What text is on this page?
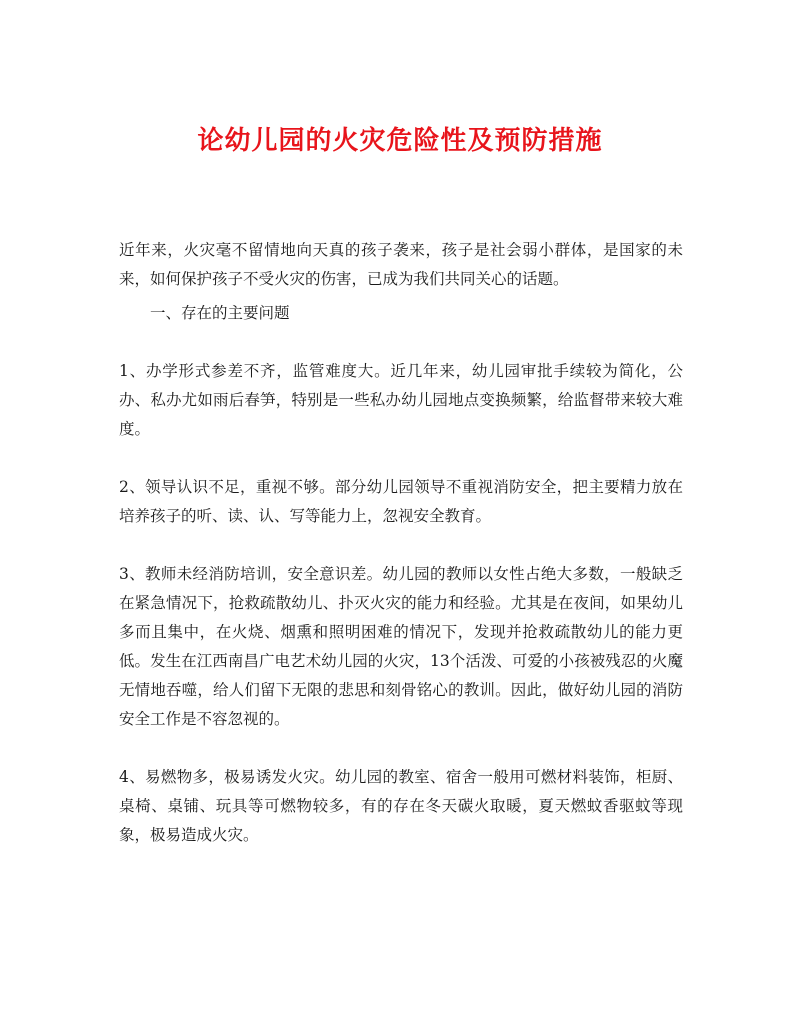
论幼儿园的火灾危险性及预防措施

近年来，火灾毫不留情地向天真的孩子袭来，孩子是社会弱小群体，是国家的未来，如何保护孩子不受火灾的伤害，已成为我们共同关心的话题。

一、存在的主要问题

1、办学形式参差不齐，监管难度大。近几年来，幼儿园审批手续较为简化，公办、私办尤如雨后春笋，特别是一些私办幼儿园地点变换频繁，给监督带来较大难度。

2、领导认识不足，重视不够。部分幼儿园领导不重视消防安全，把主要精力放在培养孩子的听、读、认、写等能力上，忽视安全教育。

3、教师未经消防培训，安全意识差。幼儿园的教师以女性占绝大多数，一般缺乏在紧急情况下，抢救疏散幼儿、扑灭火灾的能力和经验。尤其是在夜间，如果幼儿多而且集中，在火烧、烟熏和照明困难的情况下，发现并抢救疏散幼儿的能力更低。发生在江西南昌广电艺术幼儿园的火灾，13个活泼、可爱的小孩被残忍的火魔无情地吞噬，给人们留下无限的悲思和刻骨铭心的教训。因此，做好幼儿园的消防安全工作是不容忽视的。

4、易燃物多，极易诱发火灾。幼儿园的教室、宿舍一般用可燃材料装饰，柜厨、桌椅、桌铺、玩具等可燃物较多，有的存在冬天碳火取暖，夏天燃蚊香驱蚊等现象，极易造成火灾。
